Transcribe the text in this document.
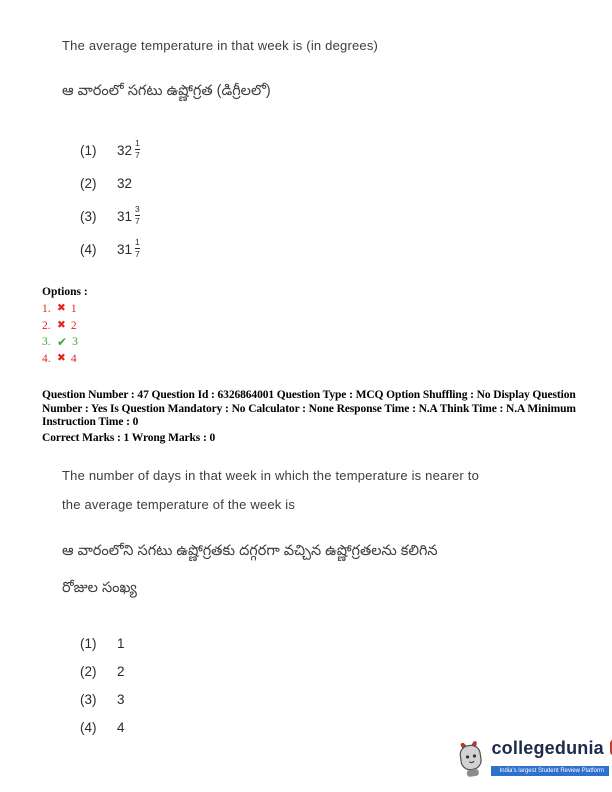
The average temperature in that week is (in degrees)
ఆ వారంలో సగటు ఉష్ణోగ్రత (డిగ్రీలలో)
(1)	$32 \frac{1}{7}$
(2)	32
(3)	$31 \frac{3}{7}$
(4)	$31 \frac{1}{7}$
Options :
1. ✖ 1
2. ✖ 2
3. ✔ 3
4. ✖ 4

Question Number : 47 Question Id : 6326864001 Question Type : MCQ Option Shuffling : No Display Question Number : Yes Is Question Mandatory : No Calculator : None Response Time : N.A Think Time : N.A Minimum Instruction Time : 0

Correct Marks : 1 Wrong Marks : 0

The number of days in that week in which the temperature is nearer to
the average temperature of the week is
ఆ వారంలోని సగటు ఉష్ణోగ్రతకు దగ్గరగా వచ్చిన ఉష్ణోగ్రతలను కలిగిన
రోజుల సంఖ్య
(1)	1
(2)	2
(3)	3
(4)	4
collegedunia
India's largest Student Review Platform
